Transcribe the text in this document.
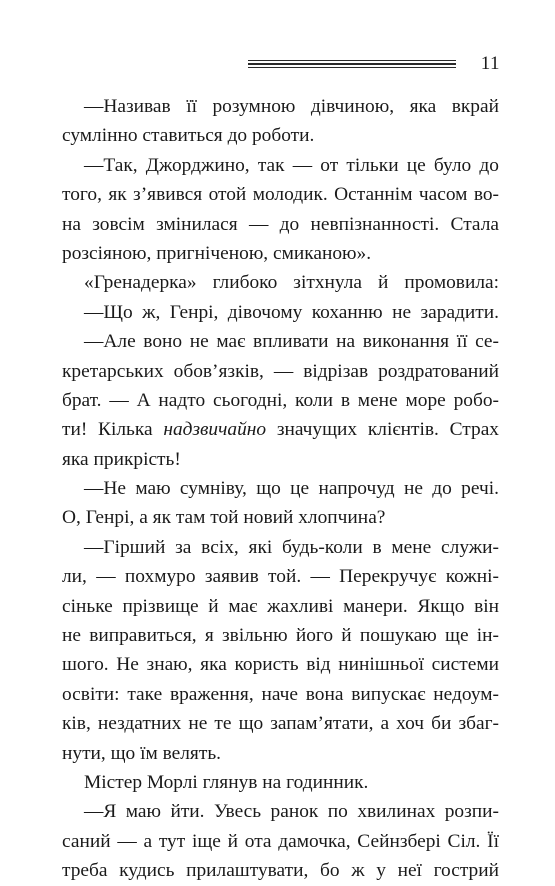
11
—Називав її розумною дівчиною, яка вкрай
сумлінно ставиться до роботи.
—Так, Джорджино, так — от тільки це було до
того, як з’явився отой молодик. Останнім часом во-
на зовсім змінилася — до невпізнанності. Стала
розсіяною, пригніченою, смиканою».
«Гренадерка» глибоко зітхнула й промовила:
—Що ж, Генрі, дівочому коханню не зарадити.
—Але воно не має впливати на виконання її се-
кретарських обов’язків, — відрізав роздратований
брат. — А надто сьогодні, коли в мене море робо-
ти! Кілька надзвичайно значущих клієнтів. Страх
яка прикрість!
—Не маю сумніву, що це напрочуд не до речі.
О, Генрі, а як там той новий хлопчина?
—Гірший за всіх, які будь-коли в мене служи-
ли, — похмуро заявив той. — Перекручує кожні-
сіньке прізвище й має жахливі манери. Якщо він
не виправиться, я звільню його й пошукаю ще ін-
шого. Не знаю, яка користь від нинішньої системи
освіти: таке враження, наче вона випускає недоум-
ків, нездатних не те що запам’ятати, а хоч би збаг-
нути, що їм велять.
Містер Морлі глянув на годинник.
—Я маю йти. Увесь ранок по хвилинах розпи-
саний — а тут іще й ота дамочка, Сейнзбері Сіл. Її
треба кудись прилаштувати, бо ж у неї гострий
